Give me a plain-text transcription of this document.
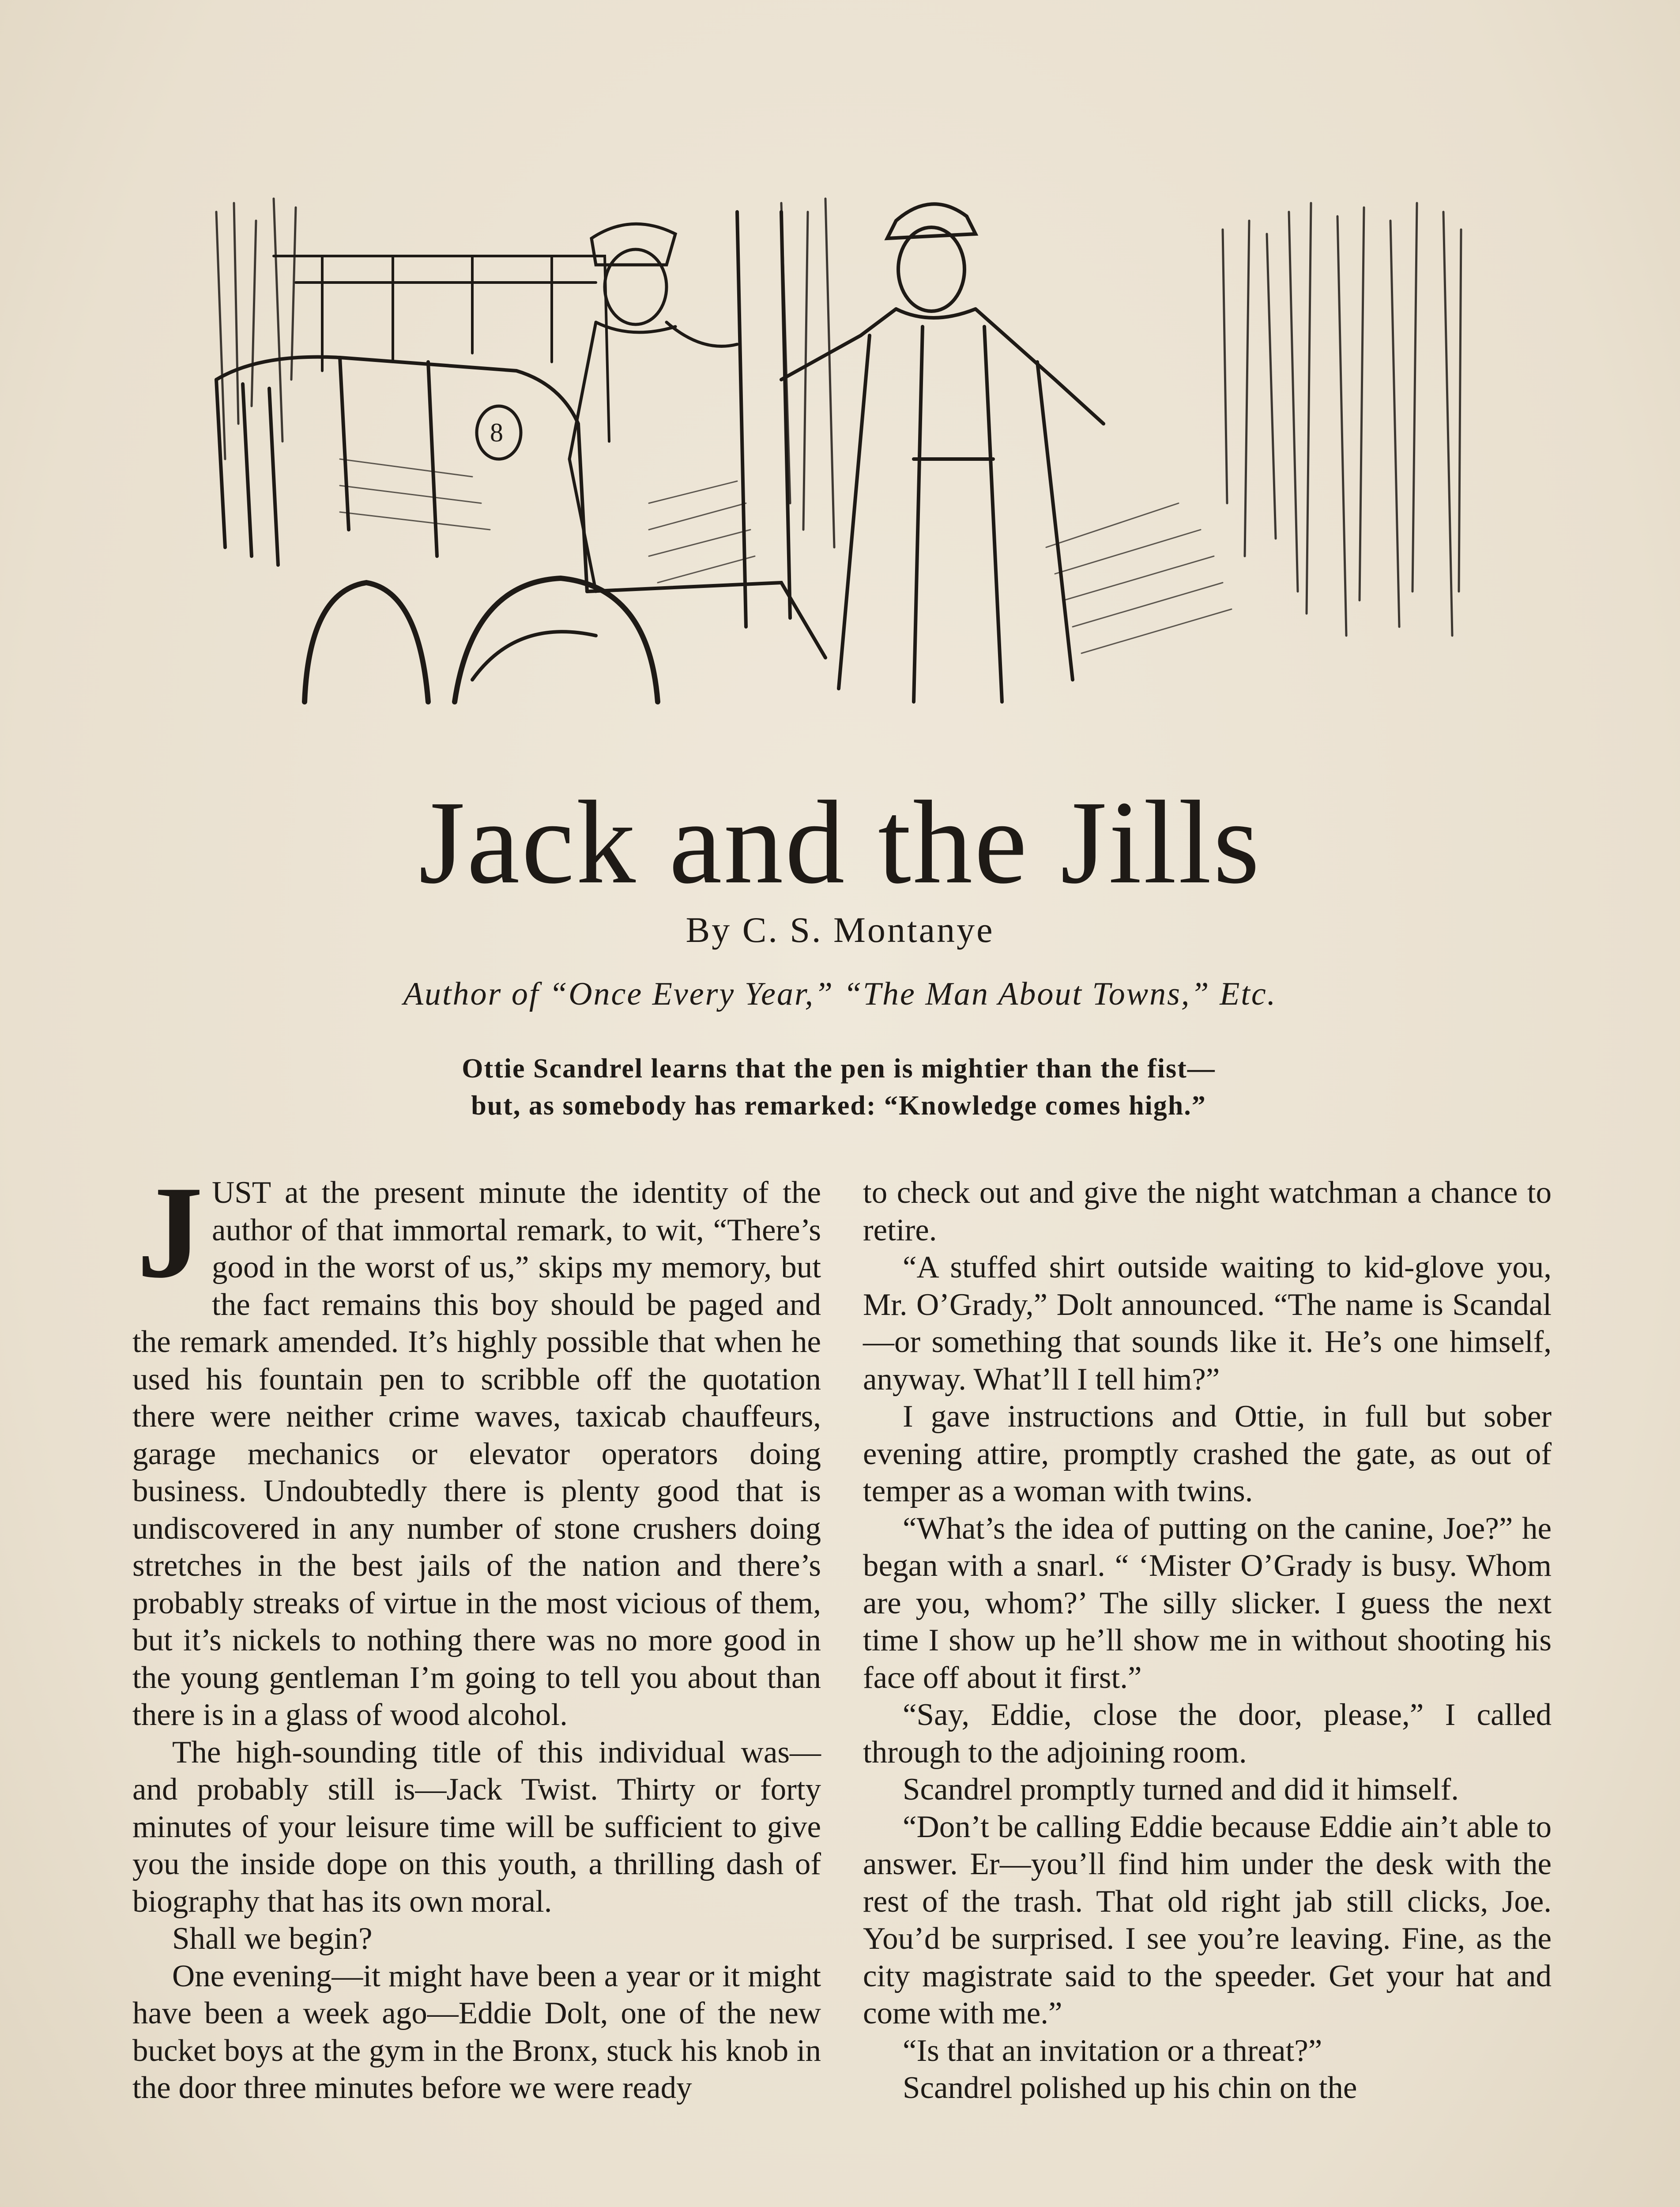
8
Jack and the Jills
By C. S. Montanye
Author of “Once Every Year,” “The Man About Towns,” Etc.
Ottie Scandrel learns that the pen is mightier than the fist—
but, as somebody has remarked: “Knowledge comes high.”

JUST at the present minute the identity of the author of that immortal remark, to wit, “There’s good in the worst of us,” skips my memory, but the fact remains this boy should be paged and the remark amended. It’s highly possible that when he used his fountain pen to scribble off the quotation there were neither crime waves, taxicab chauffeurs, garage mechanics or elevator operators doing business. Undoubtedly there is plenty good that is undiscovered in any number of stone crushers doing stretches in the best jails of the nation and there’s probably streaks of virtue in the most vicious of them, but it’s nickels to nothing there was no more good in the young gentleman I’m going to tell you about than there is in a glass of wood alcohol.

The high-sounding title of this individual was—and probably still is—Jack Twist. Thirty or forty minutes of your leisure time will be sufficient to give you the inside dope on this youth, a thrilling dash of biography that has its own moral.

Shall we begin?

One evening—it might have been a year or it might have been a week ago—Eddie Dolt, one of the new bucket boys at the gym in the Bronx, stuck his knob in the door three minutes before we were ready

to check out and give the night watchman a chance to retire.

“A stuffed shirt outside waiting to kid-glove you, Mr. O’Grady,” Dolt announced. “The name is Scandal—or something that sounds like it. He’s one himself, anyway. What’ll I tell him?”

I gave instructions and Ottie, in full but sober evening attire, promptly crashed the gate, as out of temper as a woman with twins.

“What’s the idea of putting on the canine, Joe?” he began with a snarl. “ ‘Mister O’Grady is busy. Whom are you, whom?’ The silly slicker. I guess the next time I show up he’ll show me in without shooting his face off about it first.”

“Say, Eddie, close the door, please,” I called through to the adjoining room.

Scandrel promptly turned and did it himself.

“Don’t be calling Eddie because Eddie ain’t able to answer. Er—you’ll find him under the desk with the rest of the trash. That old right jab still clicks, Joe. You’d be surprised. I see you’re leaving. Fine, as the city magistrate said to the speeder. Get your hat and come with me.”

“Is that an invitation or a threat?”

Scandrel polished up his chin on the
